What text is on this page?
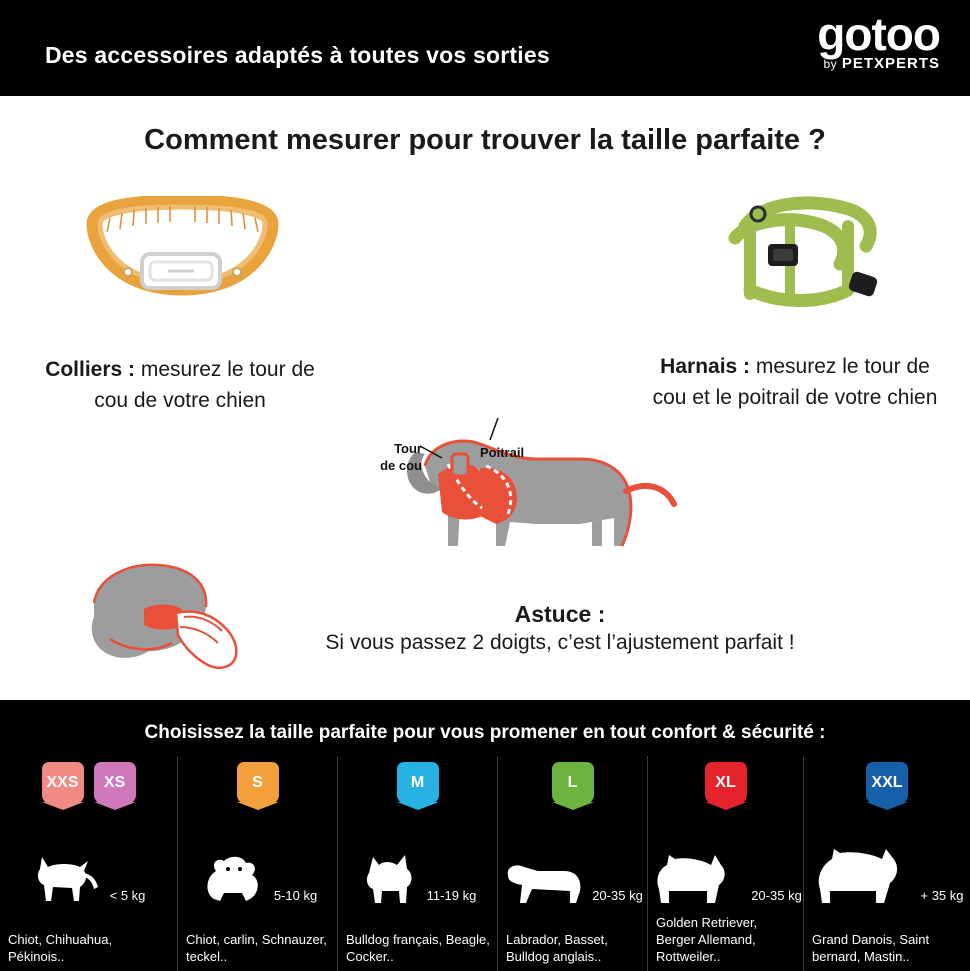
Des accessoires adaptés à toutes vos sorties	gotoo
by PETXPERTS
Comment mesurer pour trouver la taille parfaite ?
Colliers : mesurez le tour de cou de votre chien
Harnais : mesurez le tour de cou et le poitrail de votre chien
Tour
de cou
Poitrail
Astuce :
Si vous passez 2 doigts, c’est l’ajustement parfait !
Choisissez la taille parfaite pour vous promener en tout confort & sécurité :
XXS	XS
< 5 kg
Chiot, Chihuahua, Pékinois..
S
5-10 kg
Chiot, carlin, Schnauzer, teckel..
M
11-19 kg
Bulldog français, Beagle, Cocker..
L
20-35 kg
Labrador, Basset, Bulldog anglais..
XL
20-35 kg
Golden Retriever, Berger Allemand, Rottweiler..
XXL
+ 35 kg
Grand Danois, Saint bernard, Mastin..
